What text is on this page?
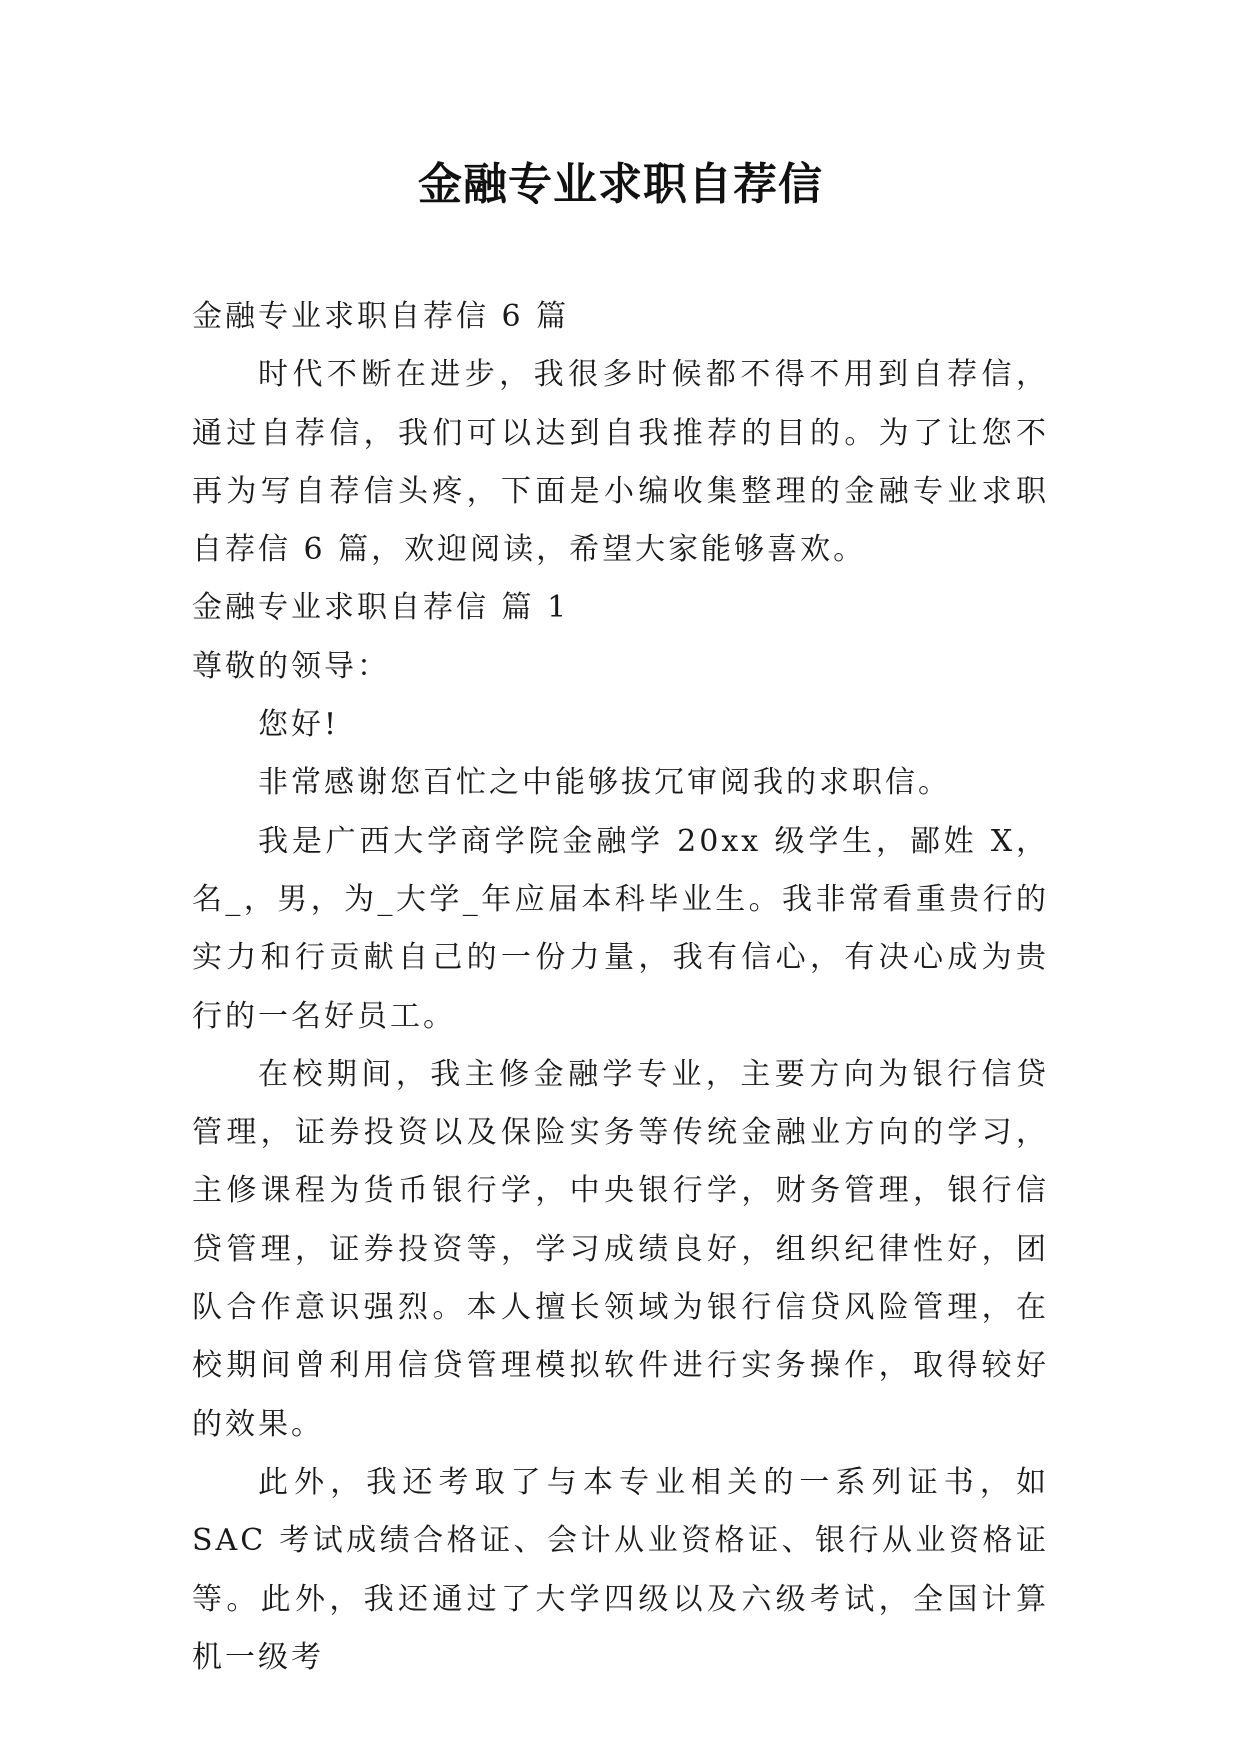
金融专业求职自荐信

金融专业求职自荐信 6 篇

时代不断在进步，我很多时候都不得不用到自荐信，通过自荐信，我们可以达到自我推荐的目的。为了让您不再为写自荐信头疼，下面是小编收集整理的金融专业求职自荐信 6 篇，欢迎阅读，希望大家能够喜欢。

金融专业求职自荐信 篇 1

尊敬的领导：

您好!

非常感谢您百忙之中能够拔冗审阅我的求职信。

我是广西大学商学院金融学 20xx 级学生，鄙姓 X，名_，男，为_大学_年应届本科毕业生。我非常看重贵行的实力和行贡献自己的一份力量，我有信心，有决心成为贵行的一名好员工。

在校期间，我主修金融学专业，主要方向为银行信贷管理，证券投资以及保险实务等传统金融业方向的学习，主修课程为货币银行学，中央银行学，财务管理，银行信贷管理，证券投资等，学习成绩良好，组织纪律性好，团队合作意识强烈。本人擅长领域为银行信贷风险管理，在校期间曾利用信贷管理模拟软件进行实务操作，取得较好的效果。

此外，我还考取了与本专业相关的一系列证书，如 SAC 考试成绩合格证、会计从业资格证、银行从业资格证等。此外，我还通过了大学四级以及六级考试，全国计算机一级考
